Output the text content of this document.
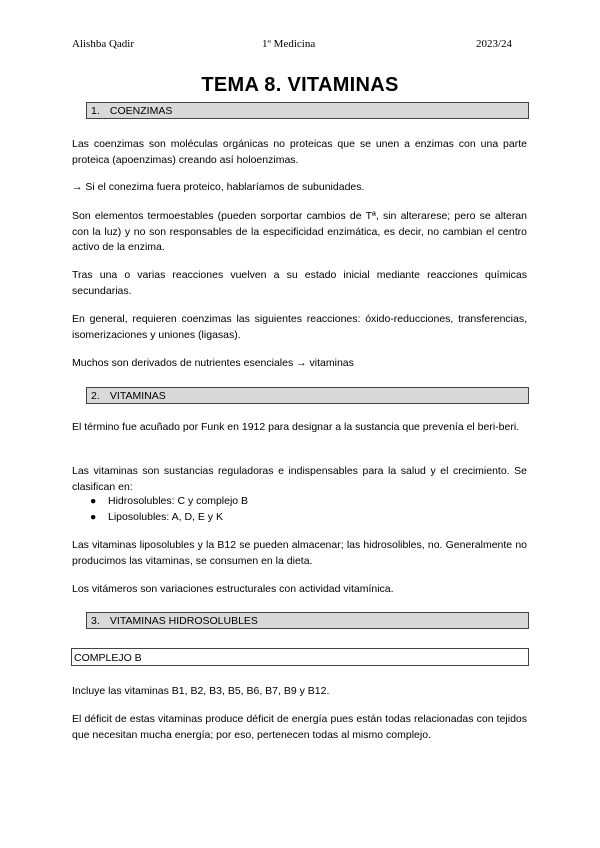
Alishba Qadir	1º Medicina	2023/24
TEMA 8. VITAMINAS
1. COENZIMAS

Las coenzimas son moléculas orgánicas no proteicas que se unen a enzimas con una parte proteica (apoenzimas) creando así holoenzimas.

→ Si el conezima fuera proteico, hablaríamos de subunidades.

Son elementos termoestables (pueden sorportar cambios de Tª, sin alterarese; pero se alteran con la luz) y no son responsables de la especificidad enzimática, es decir, no cambian el centro activo de la enzima.

Tras una o varias reacciones vuelven a su estado inicial mediante reacciones químicas secundarias.

En general, requieren coenzimas las siguientes reacciones: óxido-reducciones, transferencias, isomerizaciones y uniones (ligasas).

Muchos son derivados de nutrientes esenciales → vitaminas

2. VITAMINAS

El término fue acuñado por Funk en 1912 para designar a la sustancia que prevenía el beri-beri.

Las vitaminas son sustancias reguladoras e indispensables para la salud y el crecimiento. Se clasifican en:

● Hidrosolubles: C y complejo B
● Liposolubles: A, D, E y K

Las vitaminas liposolubles y la B12 se pueden almacenar; las hidrosolibles, no. Generalmente no producimos las vitaminas, se consumen en la dieta.

Los vitámeros son variaciones estructurales con actividad vitamínica.

3. VITAMINAS HIDROSOLUBLES
COMPLEJO B

Incluye las vitaminas B1, B2, B3, B5, B6, B7, B9 y B12.

El déficit de estas vitaminas produce déficit de energía pues están todas relacionadas con tejidos que necesitan mucha energía; por eso, pertenecen todas al mismo complejo.
